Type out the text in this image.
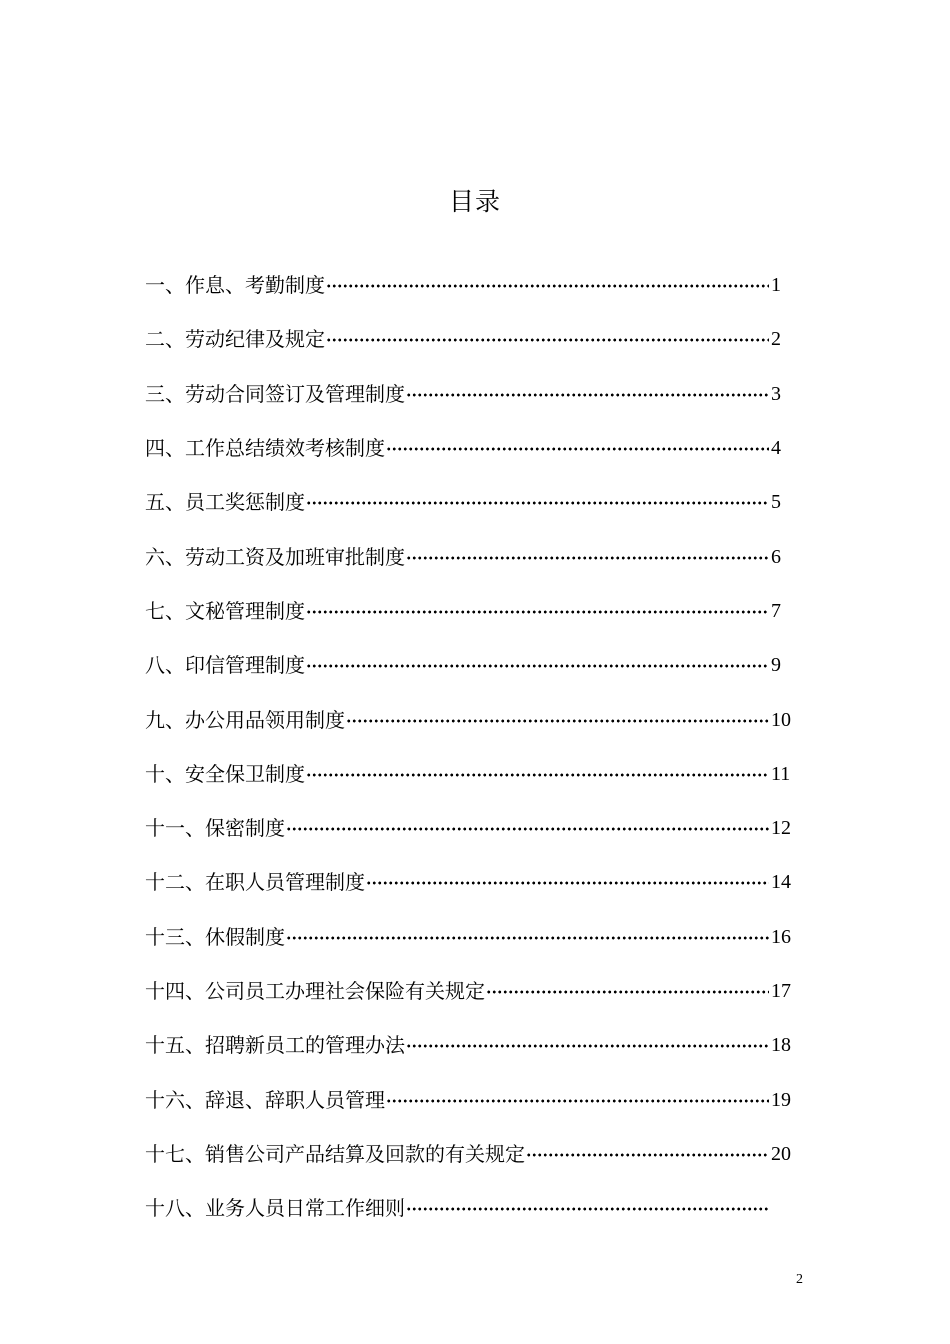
目录
一、作息、考勤制度	1
二、劳动纪律及规定	2
三、劳动合同签订及管理制度	3
四、工作总结绩效考核制度	4
五、员工奖惩制度	5
六、劳动工资及加班审批制度	6
七、文秘管理制度	7
八、印信管理制度	9
九、办公用品领用制度	10
十、安全保卫制度	11
十一、保密制度	12
十二、在职人员管理制度	14
十三、休假制度	16
十四、公司员工办理社会保险有关规定	17
十五、招聘新员工的管理办法	18
十六、辞退、辞职人员管理	19
十七、销售公司产品结算及回款的有关规定	20
十八、业务人员日常工作细则
2
